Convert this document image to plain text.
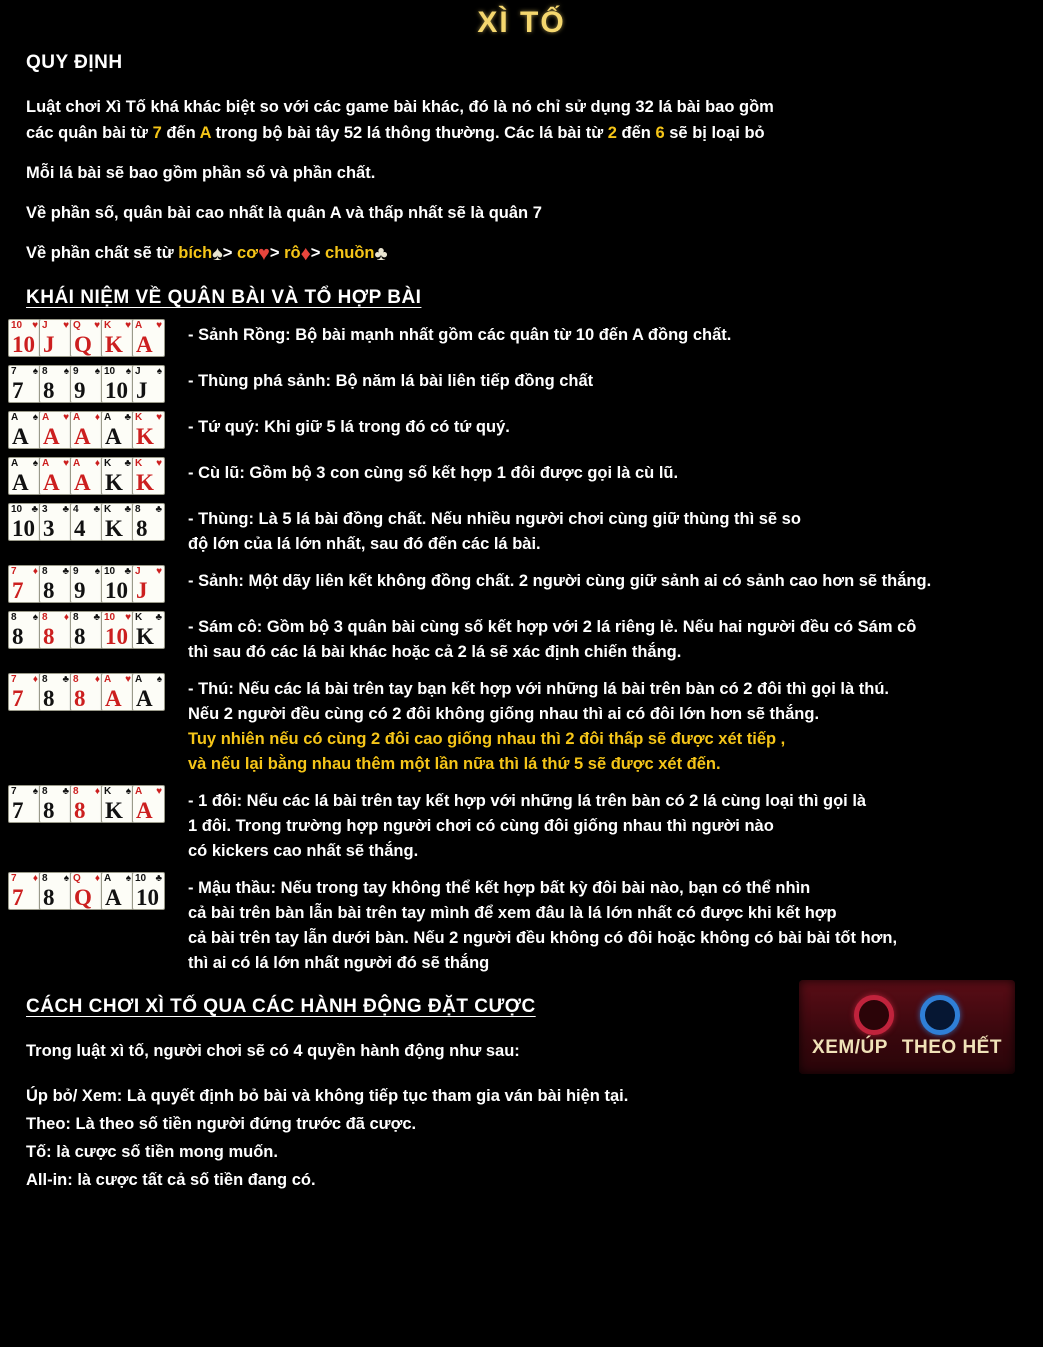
XÌ TỐ
QUY ĐỊNH
Luật chơi Xì Tố khá khác biệt so với các game bài khác, đó là nó chỉ sử dụng 32 lá bài bao gồm
các quân bài từ 7 đến A trong bộ bài tây 52 lá thông thường. Các lá bài từ 2 đến 6 sẽ bị loại bỏ
Mỗi lá bài sẽ bao gồm phần số và phần chất.
Về phần số, quân bài cao nhất là quân A và thấp nhất sẽ là quân 7
Về phần chất sẽ từ bích♠> cơ♥> rô♦> chuồn♣
KHÁI NIỆM VỀ QUÂN BÀI VÀ TỔ HỢP BÀI
10 ♥
10
J ♥
J
Q ♥
Q
K ♥
K
A ♥
A - Sảnh Rồng: Bộ bài mạnh nhất gồm các quân từ 10 đến A đồng chất.
7 ♠
7
8 ♠
8
9 ♠
9
10 ♠
10
J ♠
J - Thùng phá sảnh: Bộ năm lá bài liên tiếp đồng chất
A ♠
A
A ♥
A
A ♦
A
A ♣
A
K ♥
K - Tứ quý: Khi giữ 5 lá trong đó có tứ quý.
A ♠
A
A ♥
A
A ♦
A
K ♣
K
K ♥
K - Cù lũ: Gồm bộ 3 con cùng số kết hợp 1 đôi được gọi là cù lũ.
10 ♣
10
3 ♣
3
4 ♣
4
K ♣
K
8 ♣
8 - Thùng: Là 5 lá bài đồng chất. Nếu nhiều người chơi cùng giữ thùng thì sẽ so
độ lớn của lá lớn nhất, sau đó đến các lá bài.
7 ♦
7
8 ♣
8
9 ♠
9
10 ♣
10
J ♥
J - Sảnh: Một dãy liên kết không đồng chất. 2 người cùng giữ sảnh ai có sảnh cao hơn sẽ thắng.
8 ♠
8
8 ♦
8
8 ♣
8
10 ♥
10
K ♣
K - Sám cô: Gồm bộ 3 quân bài cùng số kết hợp với 2 lá riêng lẻ. Nếu hai người đều có Sám cô
thì sau đó các lá bài khác hoặc cả 2 lá sẽ xác định chiến thắng.
7 ♦
7
8 ♣
8
8 ♦
8
A ♥
A
A ♠
A - Thú: Nếu các lá bài trên tay bạn kết hợp với những lá bài trên bàn có 2 đôi thì gọi là thú.
Nếu 2 người đều cùng có 2 đôi không giống nhau thì ai có đôi lớn hơn sẽ thắng.
Tuy nhiên nếu có cùng 2 đôi cao giống nhau thì 2 đôi thấp sẽ được xét tiếp ,
và nếu lại bằng nhau thêm một lần nữa thì lá thứ 5 sẽ được xét đến.
7 ♠
7
8 ♣
8
8 ♦
8
K ♠
K
A ♥
A - 1 đôi: Nếu các lá bài trên tay kết hợp với những lá trên bàn có 2 lá cùng loại thì gọi là
1 đôi. Trong trường hợp người chơi có cùng đôi giống nhau thì người nào
có kickers cao nhất sẽ thắng.
7 ♦
7
8 ♠
8
Q ♦
Q
A ♠
A
10 ♣
10 - Mậu thầu: Nếu trong tay không thể kết hợp bất kỳ đôi bài nào, bạn có thể nhìn
cả bài trên bàn lẫn bài trên tay mình để xem đâu là lá lớn nhất có được khi kết hợp
cả bài trên tay lẫn dưới bàn. Nếu 2 người đều không có đôi hoặc không có bài bài tốt hơn,
thì ai có lá lớn nhất người đó sẽ thắng
CÁCH CHƠI XÌ TỐ QUA CÁC HÀNH ĐỘNG ĐẶT CƯỢC
XEM/ÚP THEO HẾT
Trong luật xì tố, người chơi sẽ có 4 quyền hành động như sau:
Úp bỏ/ Xem: Là quyết định bỏ bài và không tiếp tục tham gia ván bài hiện tại.
Theo: Là theo số tiền người đứng trước đã cược.
Tố: là cược số tiền mong muốn.
All-in: là cược tất cả số tiền đang có.
